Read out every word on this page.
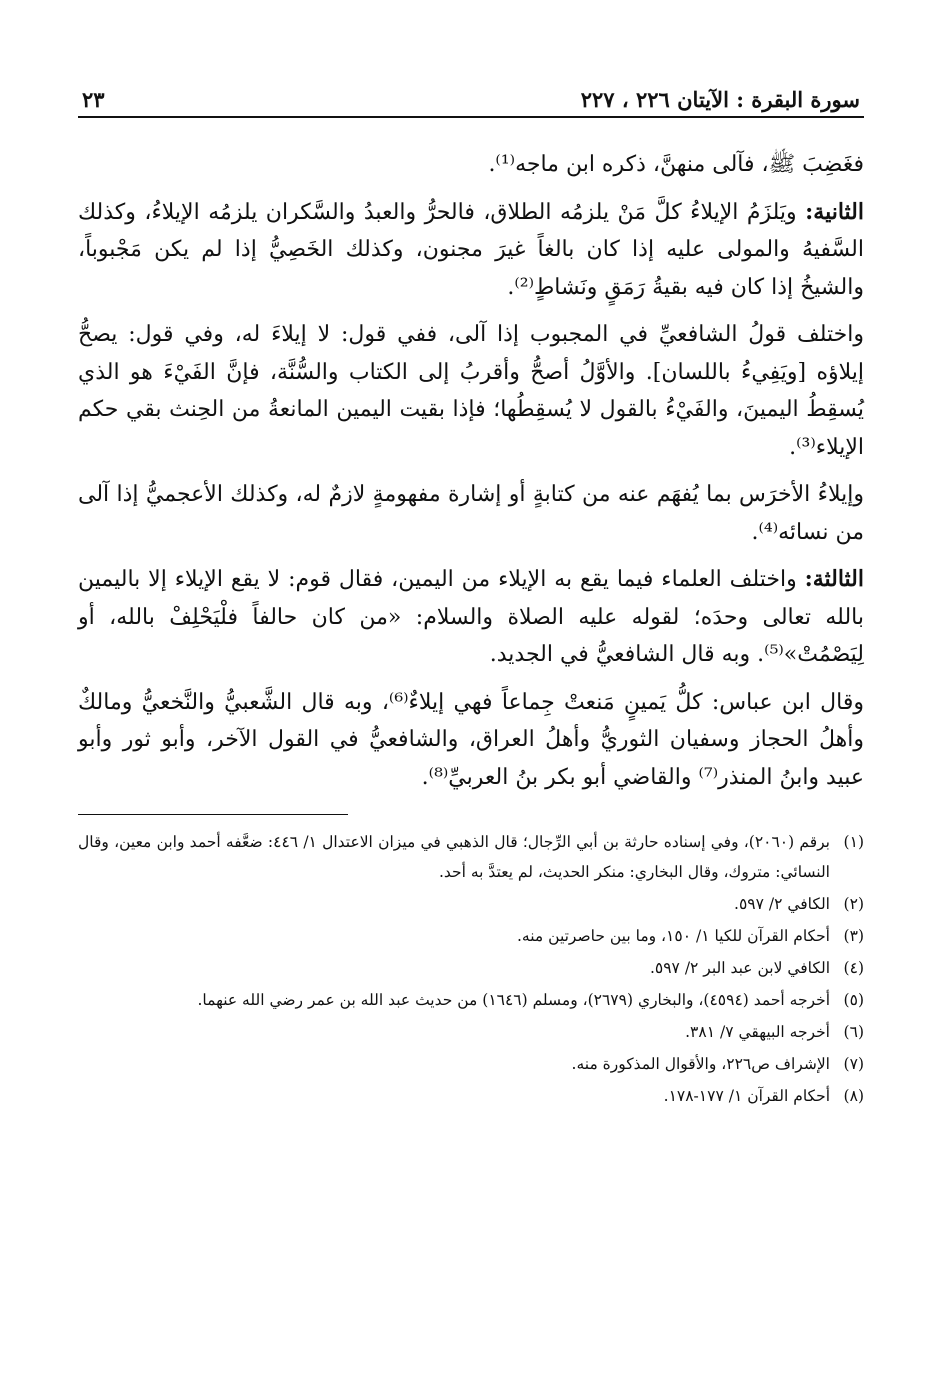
سورة البقرة : الآيتان ٢٢٦ ، ٢٢٧
٢٣

فغَضِبَ ﷺ، فآلى منهنَّ، ذكره ابن ماجه⁽¹⁾.

الثانية: ويَلزَمُ الإيلاءُ كلَّ مَنْ يلزمُه الطلاق، فالحرُّ والعبدُ والسَّكران يلزمُه الإيلاءُ، وكذلك السَّفيهُ والمولى عليه إذا كان بالغاً غيرَ مجنون، وكذلك الخَصِيُّ إذا لم يكن مَجْبوباً، والشيخُ إذا كان فيه بقيةُ رَمَقٍ ونَشاطٍ⁽²⁾.

واختلف قولُ الشافعيِّ في المجبوب إذا آلى، ففي قول: لا إيلاءَ له، وفي قول: يصحُّ إيلاؤه [ويَفِيءُ باللسان]. والأوَّلُ أصحُّ وأقربُ إلى الكتاب والسُّنَّة، فإنَّ الفَيْءَ هو الذي يُسقِطُ اليمينَ، والفَيْءُ بالقول لا يُسقِطُها؛ فإذا بقيت اليمين المانعةُ من الحِنث بقي حكم الإيلاء⁽³⁾.

وإيلاءُ الأخرَس بما يُفهَم عنه من كتابةٍ أو إشارة مفهومةٍ لازمٌ له، وكذلك الأعجميُّ إذا آلى من نسائه⁽⁴⁾.

الثالثة: واختلف العلماء فيما يقع به الإيلاء من اليمين، فقال قوم: لا يقع الإيلاء إلا باليمين بالله تعالى وحدَه؛ لقوله عليه الصلاة والسلام: «من كان حالفاً فلْيَحْلِفْ بالله، أو لِيَصْمُتْ»⁽⁵⁾. وبه قال الشافعيُّ في الجديد.

وقال ابن عباس: كلُّ يَمينٍ مَنعتْ جِماعاً فهي إيلاءٌ⁽⁶⁾، وبه قال الشَّعبيُّ والنَّخعيُّ ومالكٌ وأهلُ الحجاز وسفيان الثوريُّ وأهلُ العراق، والشافعيُّ في القول الآخر، وأبو ثور وأبو عبيد وابنُ المنذر⁽⁷⁾ والقاضي أبو بكر بنُ العربيِّ⁽⁸⁾.

(١)
برقم (٢٠٦٠)، وفي إسناده حارثة بن أبي الرِّجال؛ قال الذهبي في ميزان الاعتدال ١/ ٤٤٦: ضعَّفه أحمد وابن معين، وقال النسائي: متروك، وقال البخاري: منكر الحديث، لم يعتدَّ به أحد.
(٢)
الكافي ٢/ ٥٩٧.
(٣)
أحكام القرآن للكيا ١/ ١٥٠، وما بين حاصرتين منه.
(٤)
الكافي لابن عبد البر ٢/ ٥٩٧.
(٥)
أخرجه أحمد (٤٥٩٤)، والبخاري (٢٦٧٩)، ومسلم (١٦٤٦) من حديث عبد الله بن عمر رضي الله عنهما.
(٦)
أخرجه البيهقي ٧/ ٣٨١.
(٧)
الإشراف ص٢٢٦، والأقوال المذكورة منه.
(٨)
أحكام القرآن ١/ ١٧٧-١٧٨.
